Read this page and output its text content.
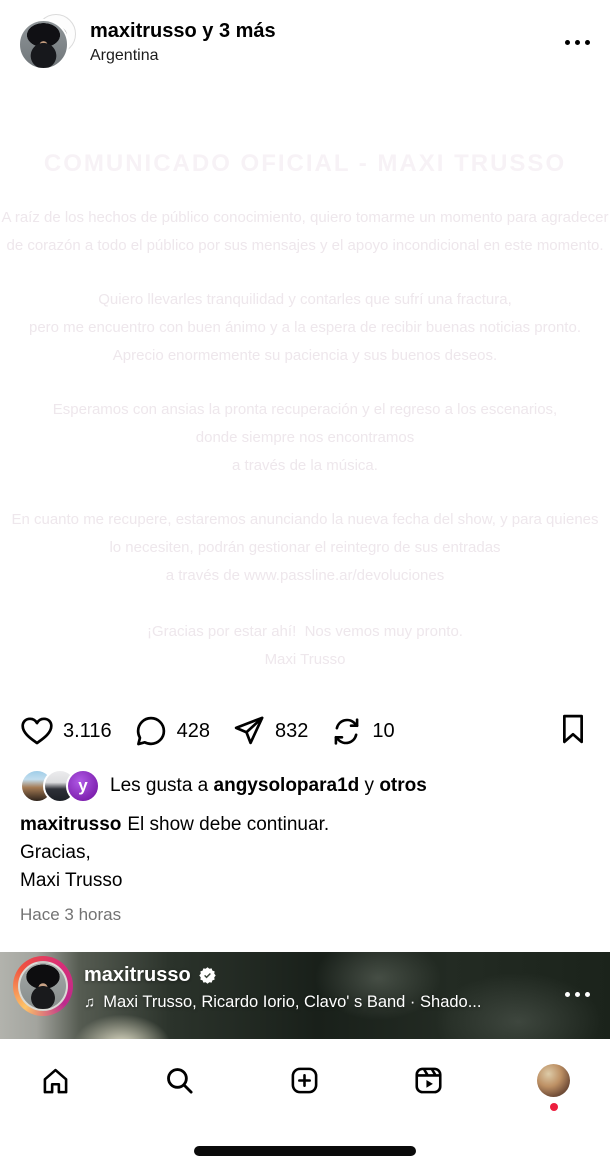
maxitrusso y 3 más
Argentina
COMUNICADO OFICIAL - MAXI TRUSSO
A raíz de los hechos de público conocimiento, quiero tomarme un momento para agradecer
de corazón a todo el público por sus mensajes y el apoyo incondicional en este momento.
Quiero llevarles tranquilidad y contarles que sufrí una fractura,
pero me encuentro con buen ánimo y a la espera de recibir buenas noticias pronto.
Aprecio enormemente su paciencia y sus buenos deseos.
Esperamos con ansias la pronta recuperación y el regreso a los escenarios,
donde siempre nos encontramos
a través de la música.
En cuanto me recupere, estaremos anunciando la nueva fecha del show, y para quienes
lo necesiten, podrán gestionar el reintegro de sus entradas
a través de www.passline.ar/devoluciones
¡Gracias por estar ahí!  Nos vemos muy pronto.
Maxi Trusso
3.116	428	832	10
y Les gusta a angysolopara1d y otros
maxitrusso El show debe continuar.
Gracias,
Maxi Trusso
Hace 3 horas
maxitrusso
♫ Maxi Trusso, Ricardo Iorio, Clavo' s Band · Shado...
